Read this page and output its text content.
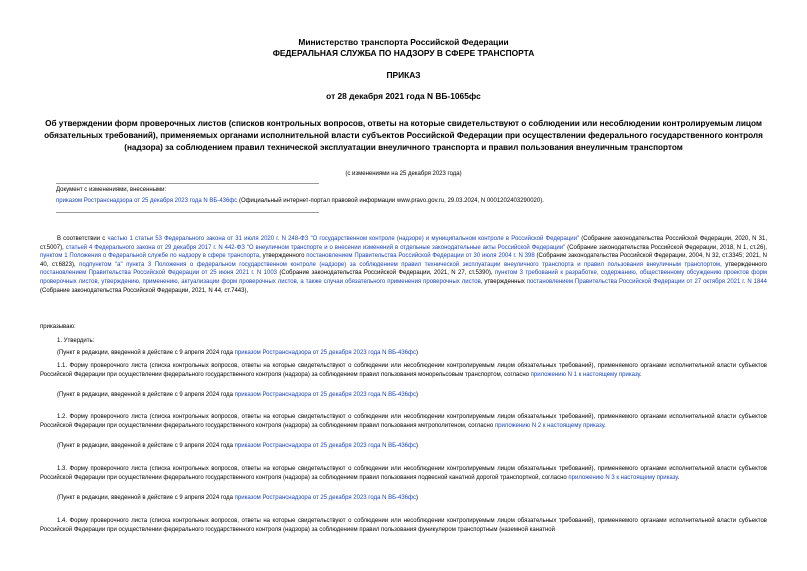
Министерство транспорта Российской Федерации
ФЕДЕРАЛЬНАЯ СЛУЖБА ПО НАДЗОРУ В СФЕРЕ ТРАНСПОРТА
ПРИКАЗ
от 28 декабря 2021 года N ВБ-1065фс
Об утверждении форм проверочных листов (списков контрольных вопросов, ответы на которые свидетельствуют о соблюдении или несоблюдении контролируемым лицом обязательных требований), применяемых органами исполнительной власти субъектов Российской Федерации при осуществлении федерального государственного контроля (надзора) за соблюдением правил технической эксплуатации внеуличного транспорта и правил пользования внеуличным транспортом
(с изменениями на 25 декабря 2023 года)
Документ с изменениями, внесенными:
приказом Ространснадзора от 25 декабря 2023 года N ВБ-436фс (Официальный интернет-портал правовой информации www.pravo.gov.ru, 29.03.2024, N 0001202403290020).
В соответствии с частью 1 статьи 53 Федерального закона от 31 июля 2020 г. N 248-ФЗ "О государственном контроле (надзоре) и муниципальном контроле в Российской Федерации" (Собрание законодательства Российской Федерации, 2020, N 31, ст.5007), статьей 4 Федерального закона от 29 декабря 2017 г. N 442-ФЗ "О внеуличном транспорте и о внесении изменений в отдельные законодательные акты Российской Федерации" (Собрание законодательства Российской Федерации, 2018, N 1, ст.26), пунктом 1 Положения о Федеральной службе по надзору в сфере транспорта, утвержденного постановлением Правительства Российской Федерации от 30 июля 2004 г. N 398 (Собрание законодательства Российской Федерации, 2004, N 32, ст.3345; 2021, N 40, ст.6823), подпунктом "а" пункта 3 Положения о федеральном государственном контроле (надзоре) за соблюдением правил технической эксплуатации внеуличного транспорта и правил пользования внеуличным транспортом, утвержденного постановлением Правительства Российской Федерации от 25 июня 2021 г. N 1003 (Собрание законодательства Российской Федерации, 2021, N 27, ст.5390), пунктом 3 требований к разработке, содержанию, общественному обсуждению проектов форм проверочных листов, утверждению, применению, актуализации форм проверочных листов, а также случаи обязательного применения проверочных листов, утвержденных постановлением Правительства Российской Федерации от 27 октября 2021 г. N 1844 (Собрание законодательства Российской Федерации, 2021, N 44, ст.7443),
приказываю:
1. Утвердить:
(Пункт в редакции, введенной в действие с 9 апреля 2024 года приказом Ространснадзора от 25 декабря 2023 года N ВБ-436фс)
1.1. Форму проверочного листа (списка контрольных вопросов, ответы на которые свидетельствуют о соблюдении или несоблюдении контролируемым лицом обязательных требований), применяемого органами исполнительной власти субъектов Российской Федерации при осуществлении федерального государственного контроля (надзора) за соблюдением правил пользования монорельсовым транспортом, согласно приложению N 1 к настоящему приказу.
(Пункт в редакции, введенной в действие с 9 апреля 2024 года приказом Ространснадзора от 25 декабря 2023 года N ВБ-436фс)
1.2. Форму проверочного листа (списка контрольных вопросов, ответы на которые свидетельствуют о соблюдении или несоблюдении контролируемым лицом обязательных требований), применяемого органами исполнительной власти субъектов Российской Федерации при осуществлении федерального государственного контроля (надзора) за соблюдением правил пользования метрополитеном, согласно приложению N 2 к настоящему приказу.
(Пункт в редакции, введенной в действие с 9 апреля 2024 года приказом Ространснадзора от 25 декабря 2023 года N ВБ-436фс)
1.3. Форму проверочного листа (списка контрольных вопросов, ответы на которые свидетельствуют о соблюдении или несоблюдении контролируемым лицом обязательных требований), применяемого органами исполнительной власти субъектов Российской Федерации при осуществлении федерального государственного контроля (надзора) за соблюдением правил пользования подвесной канатной дорогой транспортной, согласно приложению N 3 к настоящему приказу.
(Пункт в редакции, введенной в действие с 9 апреля 2024 года приказом Ространснадзора от 25 декабря 2023 года N ВБ-436фс)
1.4. Форму проверочного листа (списка контрольных вопросов, ответы на которые свидетельствуют о соблюдении или несоблюдении контролируемым лицом обязательных требований), применяемого органами исполнительной власти субъектов Российской Федерации при осуществлении федерального государственного контроля (надзора) за соблюдением правил пользования фуникулером транспортным (наземной канатной
